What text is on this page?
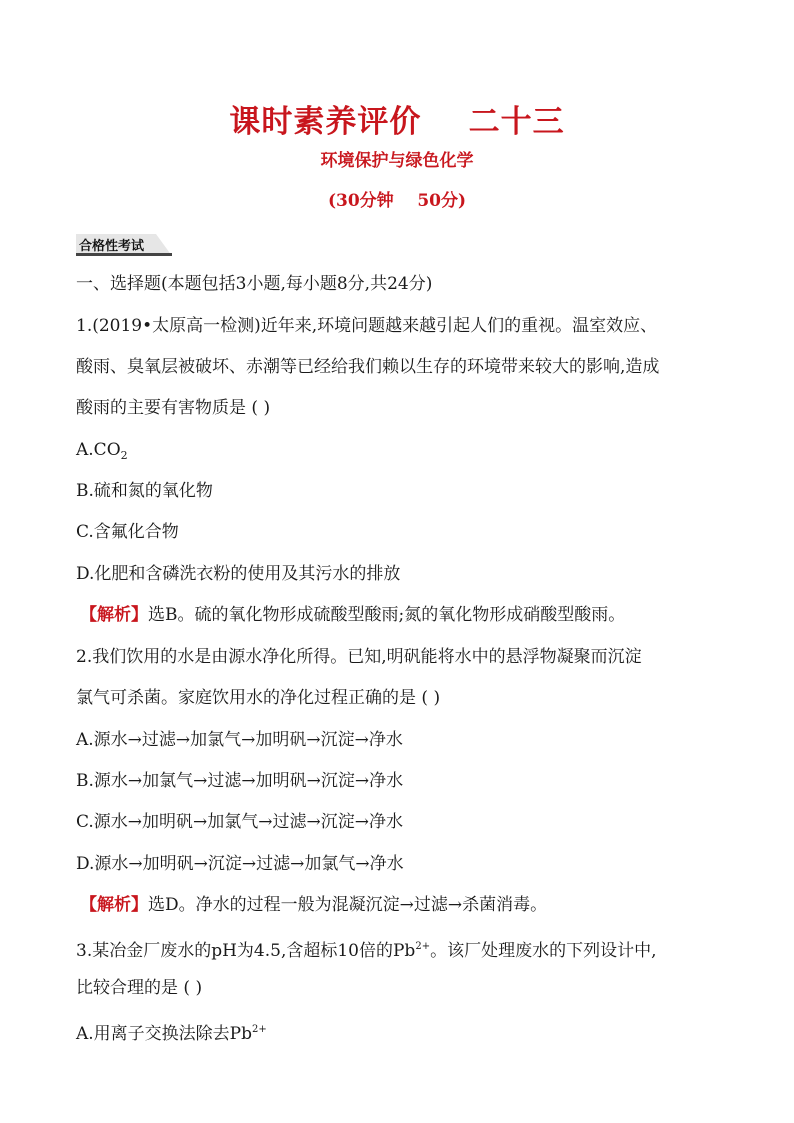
课时素养评价    二十三
环境保护与绿色化学
(30分钟    50分)
合格性考试
一、选择题(本题包括3小题,每小题8分,共24分)
1.(2019•太原高一检测)近年来,环境问题越来越引起人们的重视。温室效应、
酸雨、臭氧层被破坏、赤潮等已经给我们赖以生存的环境带来较大的影响,造成
酸雨的主要有害物质是 ( )
$A.CO_2$
B.硫和氮的氧化物
C.含氟化合物
D.化肥和含磷洗衣粉的使用及其污水的排放
【解析】选B。硫的氧化物形成硫酸型酸雨;氮的氧化物形成硝酸型酸雨。
2.我们饮用的水是由源水净化所得。已知,明矾能将水中的悬浮物凝聚而沉淀
氯气可杀菌。家庭饮用水的净化过程正确的是 ( )
A.源水→过滤→加氯气→加明矾→沉淀→净水
B.源水→加氯气→过滤→加明矾→沉淀→净水
C.源水→加明矾→加氯气→过滤→沉淀→净水
D.源水→加明矾→沉淀→过滤→加氯气→净水
【解析】选D。净水的过程一般为混凝沉淀→过滤→杀菌消毒。
3.某冶金厂废水的pH为4.5,含超标10倍的$Pb^{2+}$。该厂处理废水的下列设计中,
比较合理的是 ( )
A.用离子交换法除去$Pb^{2+}$
